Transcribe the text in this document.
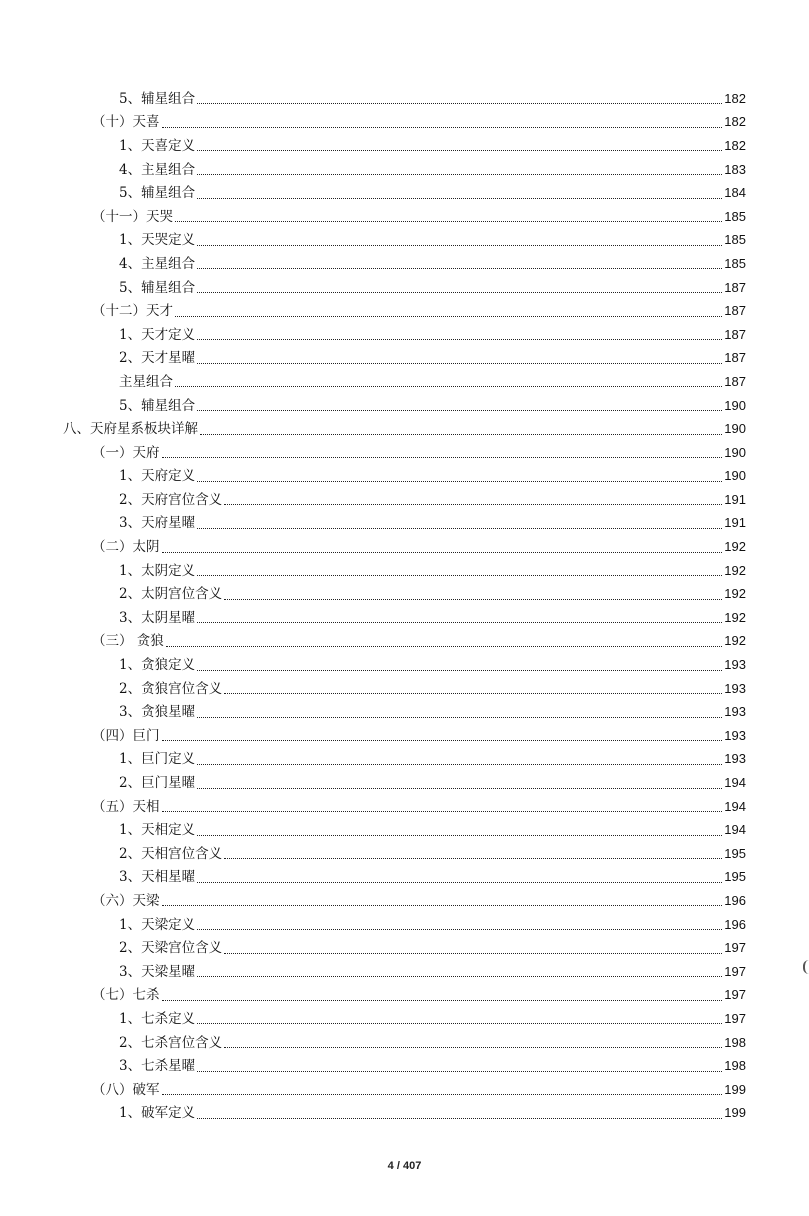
5、辅星组合	182
（十）天喜	182
1、天喜定义	182
4、主星组合	183
5、辅星组合	184
（十一）天哭	185
1、天哭定义	185
4、主星组合	185
5、辅星组合	187
（十二）天才	187
1、天才定义	187
2、天才星曜	187
主星组合	187
5、辅星组合	190
八、天府星系板块详解	190
（一）天府	190
1、天府定义	190
2、天府宫位含义	191
3、天府星曜	191
（二）太阴	192
1、太阴定义	192
2、太阴宫位含义	192
3、太阴星曜	192
（三） 贪狼	192
1、贪狼定义	193
2、贪狼宫位含义	193
3、贪狼星曜	193
（四）巨门	193
1、巨门定义	193
2、巨门星曜	194
（五）天相	194
1、天相定义	194
2、天相宫位含义	195
3、天相星曜	195
（六）天梁	196
1、天梁定义	196
2、天梁宫位含义	197
3、天梁星曜	197
（七）七杀	197
1、七杀定义	197
2、七杀宫位含义	198
3、七杀星曜	198
（八）破军	199
1、破军定义	199
4 / 407
